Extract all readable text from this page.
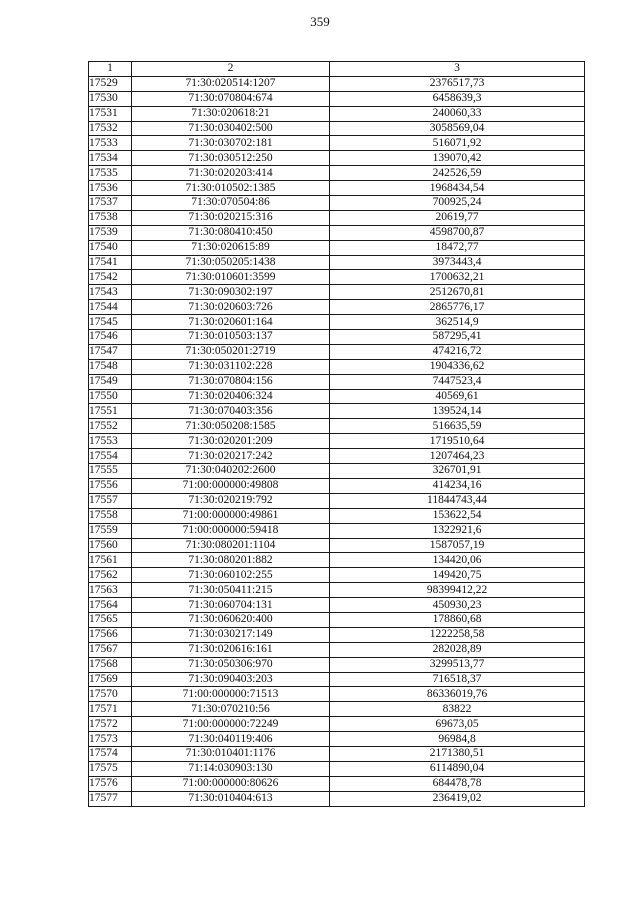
359
1	2	3
17529	71:30:020514:1207	2376517,73
17530	71:30:070804:674	6458639,3
17531	71:30:020618:21	240060,33
17532	71:30:030402:500	3058569,04
17533	71:30:030702:181	516071,92
17534	71:30:030512:250	139070,42
17535	71:30:020203:414	242526,59
17536	71:30:010502:1385	1968434,54
17537	71:30:070504:86	700925,24
17538	71:30:020215:316	20619,77
17539	71:30:080410:450	4598700,87
17540	71:30:020615:89	18472,77
17541	71:30:050205:1438	3973443,4
17542	71:30:010601:3599	1700632,21
17543	71:30:090302:197	2512670,81
17544	71:30:020603:726	2865776,17
17545	71:30:020601:164	362514,9
17546	71:30:010503:137	587295,41
17547	71:30:050201:2719	474216,72
17548	71:30:031102:228	1904336,62
17549	71:30:070804:156	7447523,4
17550	71:30:020406:324	40569,61
17551	71:30:070403:356	139524,14
17552	71:30:050208:1585	516635,59
17553	71:30:020201:209	1719510,64
17554	71:30:020217:242	1207464,23
17555	71:30:040202:2600	326701,91
17556	71:00:000000:49808	414234,16
17557	71:30:020219:792	11844743,44
17558	71:00:000000:49861	153622,54
17559	71:00:000000:59418	1322921,6
17560	71:30:080201:1104	1587057,19
17561	71:30:080201:882	134420,06
17562	71:30:060102:255	149420,75
17563	71:30:050411:215	98399412,22
17564	71:30:060704:131	450930,23
17565	71:30:060620:400	178860,68
17566	71:30:030217:149	1222258,58
17567	71:30:020616:161	282028,89
17568	71:30:050306:970	3299513,77
17569	71:30:090403:203	716518,37
17570	71:00:000000:71513	86336019,76
17571	71:30:070210:56	83822
17572	71:00:000000:72249	69673,05
17573	71:30:040119:406	96984,8
17574	71:30:010401:1176	2171380,51
17575	71:14:030903:130	6114890,04
17576	71:00:000000:80626	684478,78
17577	71:30:010404:613	236419,02
